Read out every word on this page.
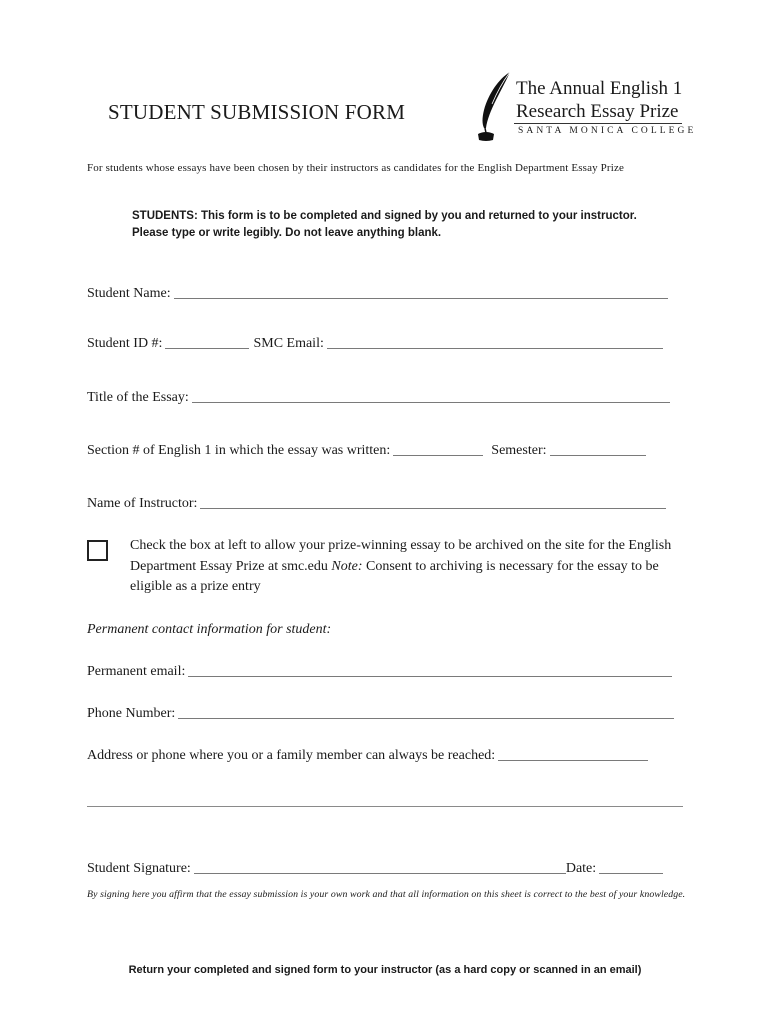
STUDENT SUBMISSION FORM
The Annual English 1
Research Essay Prize
SANTA MONICA COLLEGE
For students whose essays have been chosen by their instructors as candidates for the English Department Essay Prize
STUDENTS: This form is to be completed and signed by you and returned to your instructor.
Please type or write legibly. Do not leave anything blank.
Student Name:
Student ID #:	SMC Email:
Title of the Essay:
Section # of English 1 in which the essay was written:	Semester:
Name of Instructor:
Check the box at left to allow your prize-winning essay to be archived on the site for the English Department Essay Prize at smc.edu Note: Consent to archiving is necessary for the essay to be eligible as a prize entry
Permanent contact information for student:
Permanent email:
Phone Number:
Address or phone where you or a family member can always be reached:
Student Signature:	Date:
By signing here you affirm that the essay submission is your own work and that all information on this sheet is correct to the best of your knowledge.
Return your completed and signed form to your instructor (as a hard copy or scanned in an email)
